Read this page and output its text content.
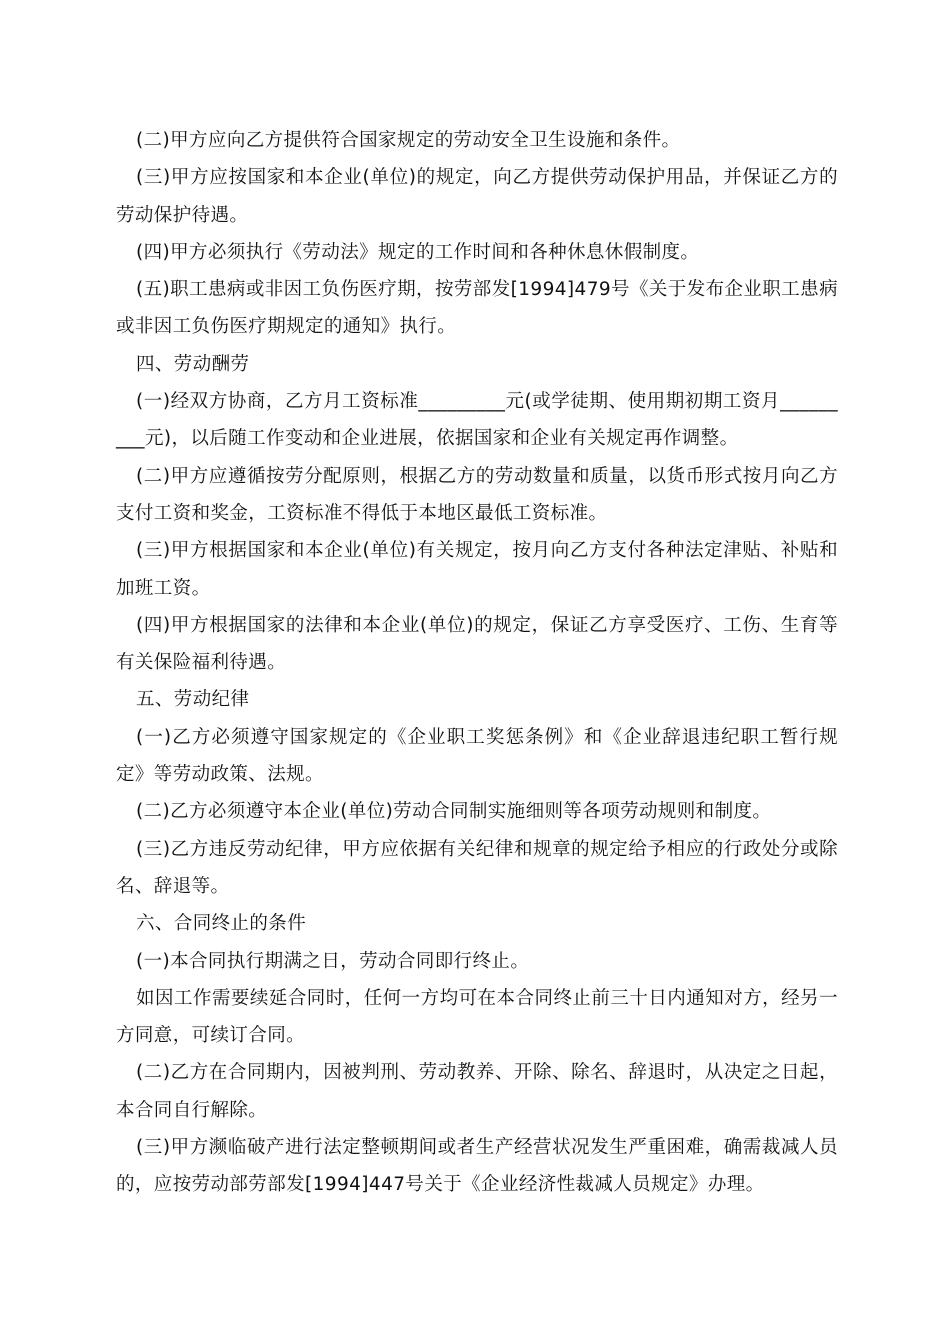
(二)甲方应向乙方提供符合国家规定的劳动安全卫生设施和条件。

(三)甲方应按国家和本企业(单位)的规定，向乙方提供劳动保护用品，并保证乙方的劳动保护待遇。

(四)甲方必须执行《劳动法》规定的工作时间和各种休息休假制度。

(五)职工患病或非因工负伤医疗期，按劳部发[1994]479号《关于发布企业职工患病或非因工负伤医疗期规定的通知》执行。

四、劳动酬劳

(一)经双方协商，乙方月工资标准_________元(或学徒期、使用期初期工资月_________元)，以后随工作变动和企业进展，依据国家和企业有关规定再作调整。

(二)甲方应遵循按劳分配原则，根据乙方的劳动数量和质量，以货币形式按月向乙方支付工资和奖金，工资标准不得低于本地区最低工资标准。

(三)甲方根据国家和本企业(单位)有关规定，按月向乙方支付各种法定津贴、补贴和加班工资。

(四)甲方根据国家的法律和本企业(单位)的规定，保证乙方享受医疗、工伤、生育等有关保险福利待遇。

五、劳动纪律

(一)乙方必须遵守国家规定的《企业职工奖惩条例》和《企业辞退违纪职工暂行规定》等劳动政策、法规。

(二)乙方必须遵守本企业(单位)劳动合同制实施细则等各项劳动规则和制度。

(三)乙方违反劳动纪律，甲方应依据有关纪律和规章的规定给予相应的行政处分或除名、辞退等。

六、合同终止的条件

(一)本合同执行期满之日，劳动合同即行终止。

如因工作需要续延合同时，任何一方均可在本合同终止前三十日内通知对方，经另一方同意，可续订合同。

(二)乙方在合同期内，因被判刑、劳动教养、开除、除名、辞退时，从决定之日起，本合同自行解除。

(三)甲方濒临破产进行法定整顿期间或者生产经营状况发生严重困难，确需裁减人员的，应按劳动部劳部发[1994]447号关于《企业经济性裁减人员规定》办理。
